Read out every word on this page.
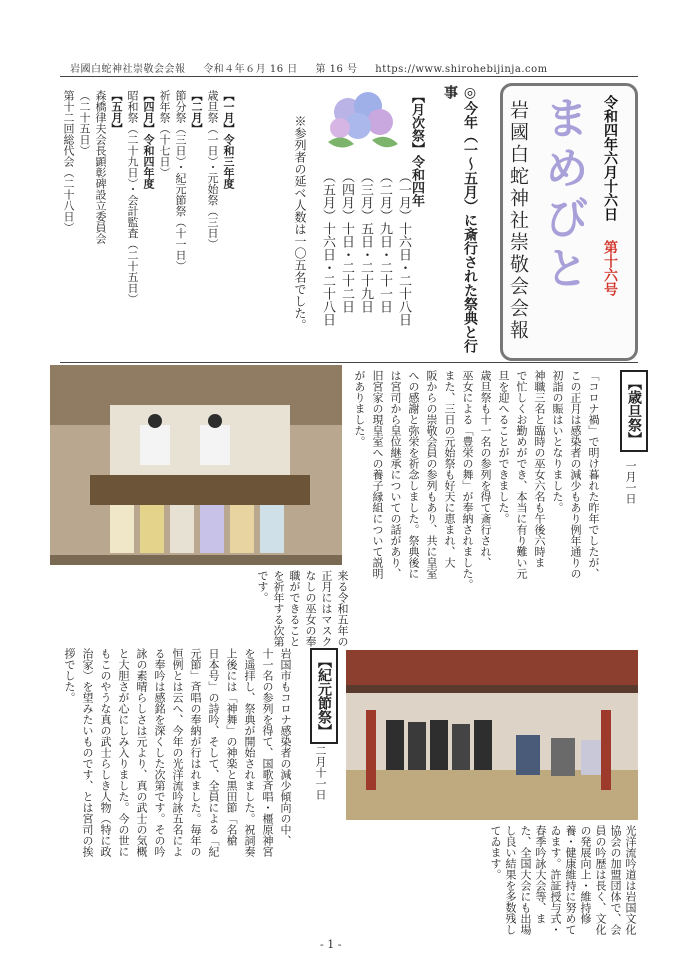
岩國白蛇神社崇敬会会報 令和４年６月 16 日 第 16 号 https://www.shirohebijinja.com
令和四年六月十六日
第十六号
まめびと
岩國白蛇神社崇敬会会報
◎今年（一～五月）に斎行された祭典と行事
【月次祭】令和四年

（一月）十六日・二十八日

（二月）九日・二十一日

（三月）五日・二十九日

（四月）十日・二十二日

（五月）十六日・二十八日

※参列者の延べ人数は一〇五名でした。

【一月】令和三年度

歳旦祭（一日）・元始祭（三日）

【二月】

節分祭（三日）・紀元節祭（十一日）

祈年祭（十七日）

【四月】令和四年度

昭和祭（二十九日）・会計監査（二十五日）

【五月】

森橋律夫会長顕彰碑設立委員会

（二十五日）

第十二回総代会（二十八日）

【歳旦祭】
一月一日

「コロナ禍」で明け暮れた昨年でしたが、

この正月は感染者の減少もあり例年通りの

初詣の賑はいとなりました。

神職三名と臨時の巫女六名も午後六時ま

で忙しくお勤めができ、本当に有り難い元

旦を迎へることができました。

歳旦祭も十一名の参列を得て斎行され、

巫女による「豊栄の舞」が奉納されました。

また、三日の元始祭も好天に恵まれ、大

阪からの崇敬会員の参列もあり、共に皇室

への感謝と弥栄を祈念しました。祭典後に

は宮司から皇位継承についての話があり、

旧宮家の現皇室への養子縁組について説明

がありました。

来る令和五年の正月にはマスクなしの巫女の奉職ができることを祈年する次第です。
【紀元節祭】
二月十一日

岩国市もコロナ感染者の減少傾向の中、

十一名の参列を得て、国歌斉唱・橿原神宮

を遥拝し、祭典が開始されました。祝詞奏

上後には「神舞」の神楽と黒田節「名槍

日本号」の詩吟、そして、全員による「紀

元節」斉唱の奉納が行はれました。毎年の

恒例とは云へ、今年の光洋流吟詠五名によ

る奉吟は感銘を深くした次第です。その吟

詠の素晴らしさは元より、真の武士の気概

と大胆さが心にしみ入りました。今の世に

もこのやうな真の武士らしき人物（特に政

治家）を望みたいものです、とは宮司の挨

拶でした。

光洋流吟道は岩国文化協会の加盟団体で、会員の吟歴は長く、文化の発展向上・維持修養・健康維持に努めてゐます。許証授与式・春季吟詠大会等、また、全国大会にも出場し良い結果を多数残してゐます。
- 1 -
